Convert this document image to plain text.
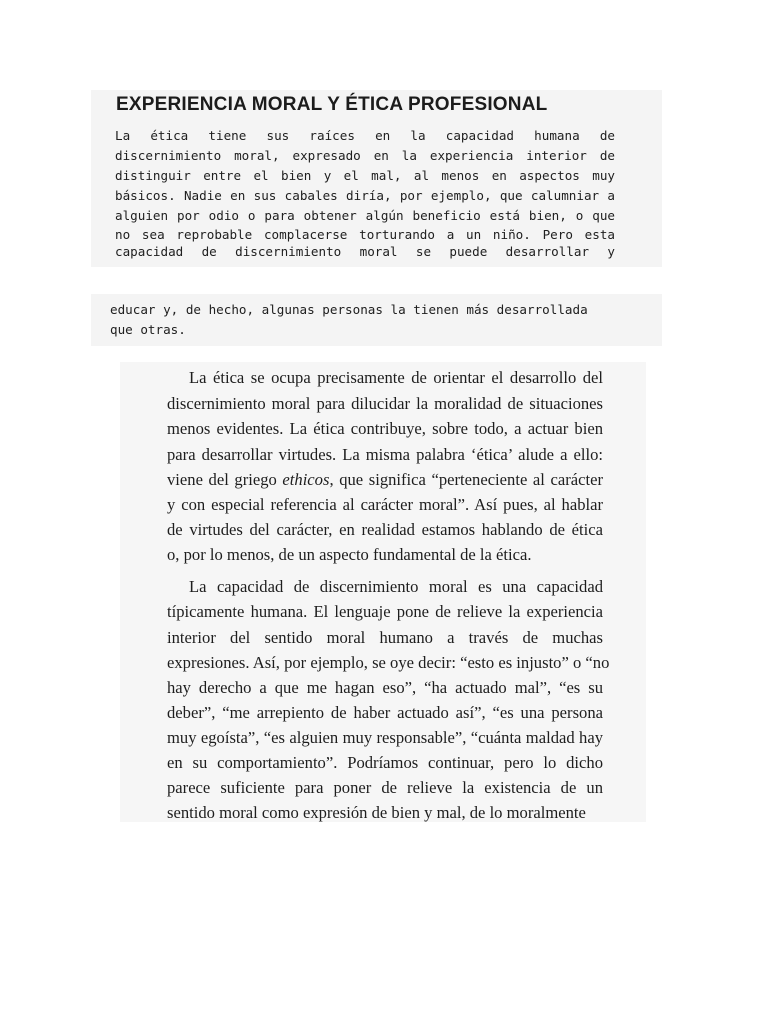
EXPERIENCIA MORAL Y ÉTICA PROFESIONAL
La ética tiene sus raíces en la capacidad humana de
discernimiento moral, expresado en la experiencia interior de
distinguir entre el bien y el mal, al menos en aspectos muy
básicos. Nadie en sus cabales diría, por ejemplo, que calumniar a
alguien por odio o para obtener algún beneficio está bien, o que
no sea reprobable complacerse torturando a un niño. Pero esta
capacidad de discernimiento moral se puede desarrollar y
educar y, de hecho, algunas personas la tienen más desarrollada
que otras.
La ética se ocupa precisamente de orientar el desarrollo del
discernimiento moral para dilucidar la moralidad de situaciones
menos evidentes. La ética contribuye, sobre todo, a actuar bien
para desarrollar virtudes. La misma palabra ‘ética’ alude a ello:
viene del griego ethicos, que significa “perteneciente al carácter
y con especial referencia al carácter moral”. Así pues, al hablar
de virtudes del carácter, en realidad estamos hablando de ética
o, por lo menos, de un aspecto fundamental de la ética.
La capacidad de discernimiento moral es una capacidad
típicamente humana. El lenguaje pone de relieve la experiencia
interior del sentido moral humano a través de muchas
expresiones. Así, por ejemplo, se oye decir: “esto es injusto” o “no
hay derecho a que me hagan eso”, “ha actuado mal”, “es su
deber”, “me arrepiento de haber actuado así”, “es una persona
muy egoísta”, “es alguien muy responsable”, “cuánta maldad hay
en su comportamiento”. Podríamos continuar, pero lo dicho
parece suficiente para poner de relieve la existencia de un
sentido moral como expresión de bien y mal, de lo moralmente
